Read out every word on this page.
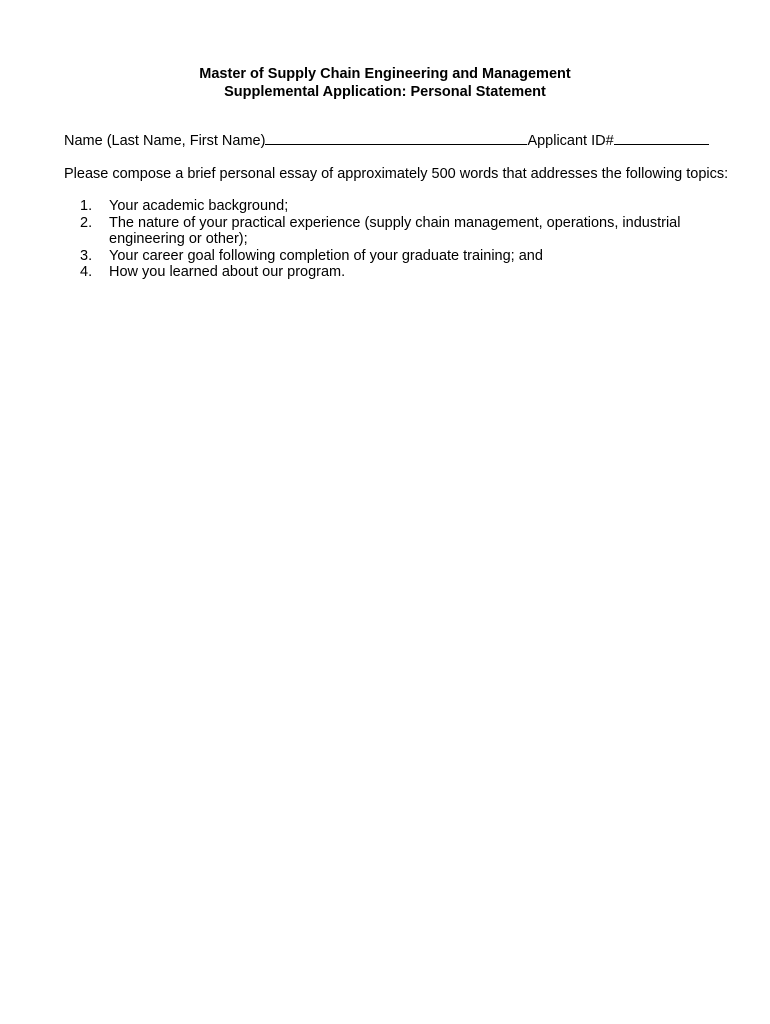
Master of Supply Chain Engineering and Management
Supplemental Application: Personal Statement
Name (Last Name, First Name)	Applicant ID#
Please compose a brief personal essay of approximately 500 words that addresses the following topics:
1. Your academic background;
2. The nature of your practical experience (supply chain management, operations, industrial engineering or other);
3. Your career goal following completion of your graduate training; and
4. How you learned about our program.
